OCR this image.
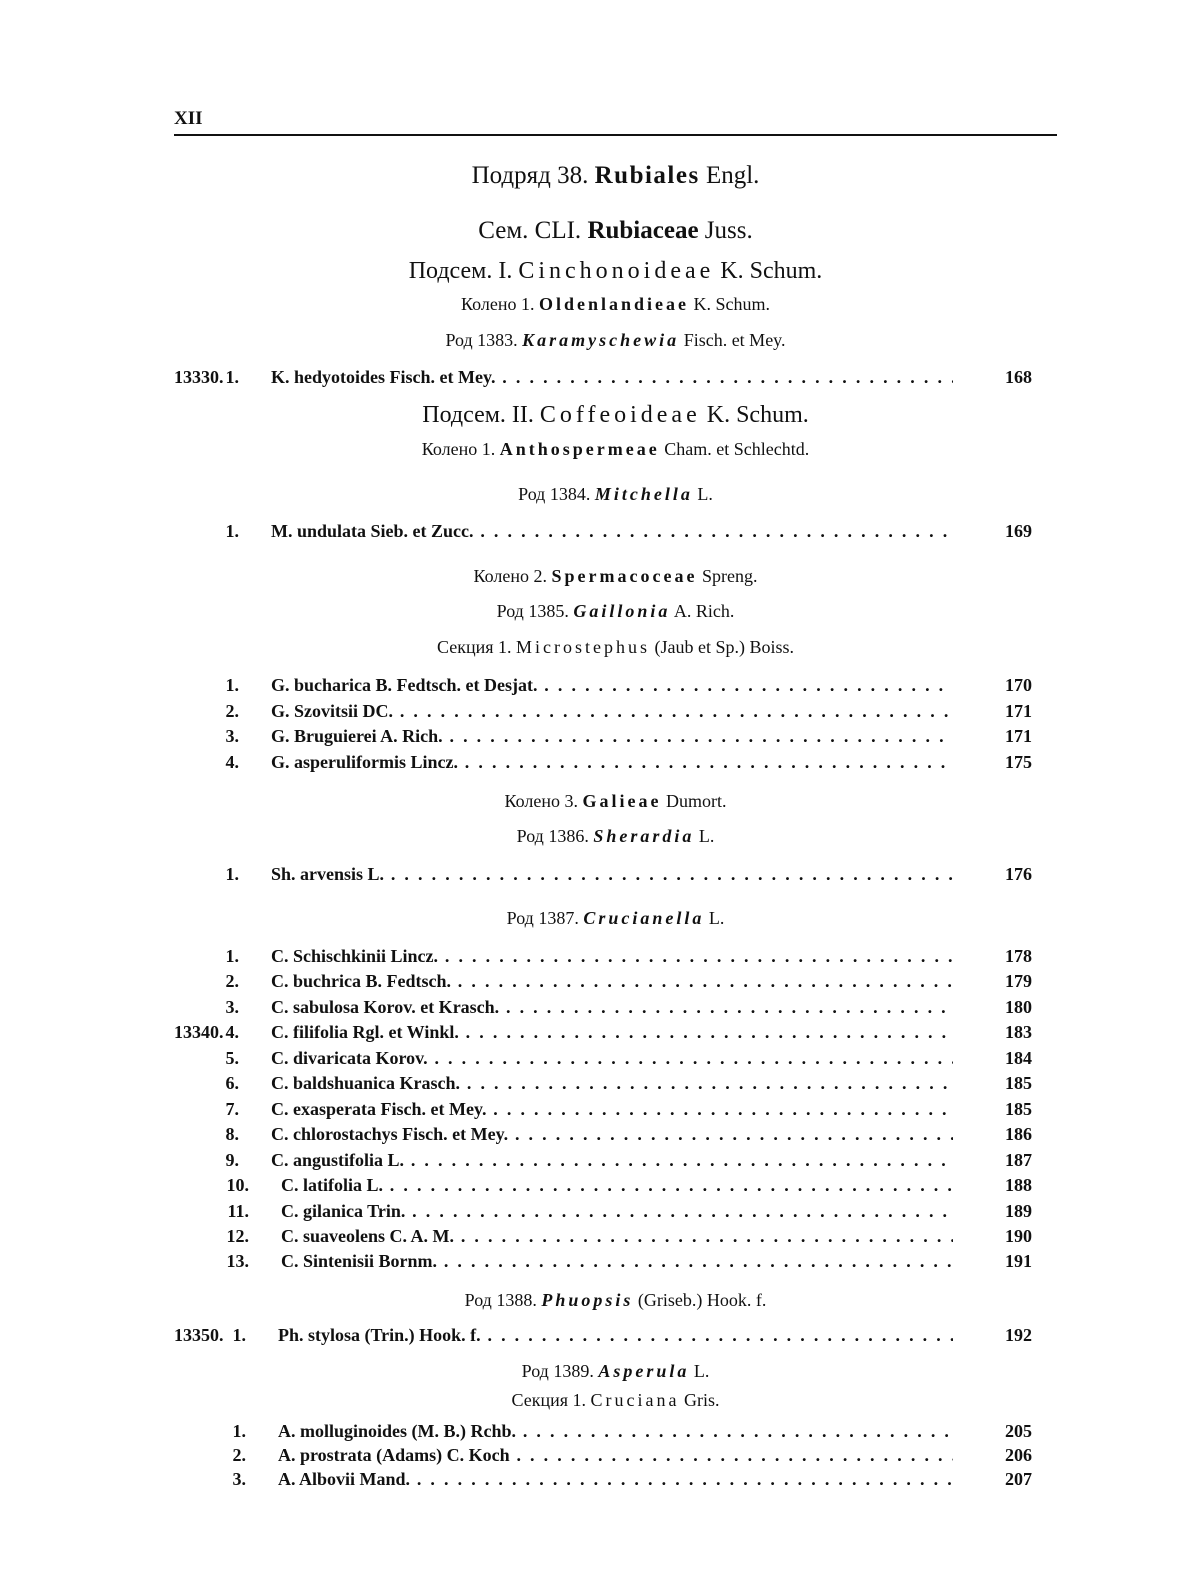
XII
Подряд 38. Rubiales Engl.
Сем. CLI. Rubiaceae Juss.
Подсем. I. Cinchonoideae K. Schum.
Колено 1. Oldenlandieae K. Schum.
Род 1383. Karamyschewia Fisch. et Mey.
13330. 1. K. hedyotoides Fisch. et Mey. . . .	168
Подсем. II. Coffeoideae K. Schum.
Колено 1. Anthospermeae Cham. et Schlechtd.
Род 1384. Mitchella L.
1. M. undulata Sieb. et Zucc. . . .	169
Колено 2. Spermacoceae Spreng.
Род 1385. Gaillonia A. Rich.
Секция 1. Microstephus (Jaub et Sp.) Boiss.
1. G. bucharica B. Fedtsch. et Desjat. . . .	170
2. G. Szovitsii DC. . . .	171
3. G. Bruguierei A. Rich. . . .	171
4. G. asperuliformis Lincz. . . .	175
Колено 3. Galieae Dumort.
Род 1386. Sherardia L.
1. Sh. arvensis L. . . .	176
Род 1387. Crucianella L.
1. C. Schischkinii Lincz. . . .	178
2. C. buchrica B. Fedtsch. . . .	179
3. C. sabulosa Korov. et Krasch. . . .	180
13340. 4. C. filifolia Rgl. et Winkl. . . .	183
5. C. divaricata Korov. . . .	184
6. C. baldshuanica Krasch. . . .	185
7. C. exasperata Fisch. et Mey. . . .	185
8. C. chlorostachys Fisch. et Mey. . . .	186
9. C. angustifolia L. . . .	187
10. C. latifolia L. . . .	188
11. C. gilanica Trin. . . .	189
12. C. suaveolens C. A. M. . . .	190
13. C. Sintenisii Bornm. . . .	191
Род 1388. Phuopsis (Griseb.) Hook. f.
13350. 1. Ph. stylosa (Trin.) Hook. f. . . .	192
Род 1389. Asperula L.
Секция 1. Cruciana Gris.
1. A. molluginoides (M. B.) Rchb. . . .	205
2. A. prostrata (Adams) C. Koch . . .	206
3. A. Albovii Mand. . . .	207
